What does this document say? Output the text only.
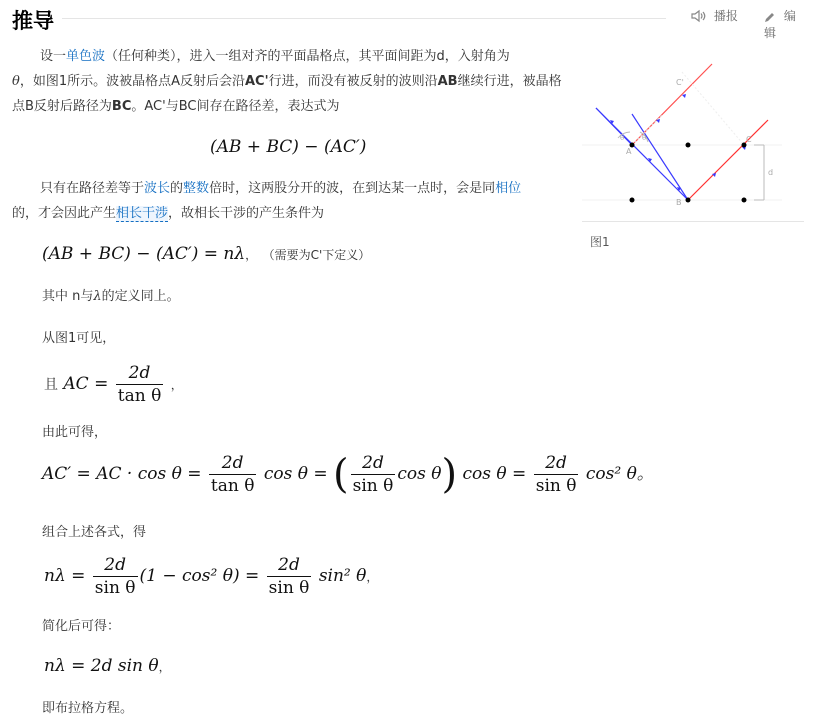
推导	播报	编辑
设一单色波（任何种类），进入一组对齐的平面晶格点，其平面间距为d，入射角为
θ，如图1所示。波被晶格点A反射后会沿AC'行进，而没有被反射的波则沿AB继续行进，被晶格点B反射后路径为BC。AC'与BC间存在路径差，表达式为
(AB + BC) − (AC′)
只有在路径差等于波长的整数倍时，这两股分开的波，在到达某一点时，会是同相位
的，才会因此产生相长干涉，故相长干涉的产生条件为
(AB + BC) − (AC′) = nλ， （需要为C'下定义）
其中 n与λ的定义同上。
从图1可见，
且 AC = $\frac{2d}{\text{tan θ}}$ ，
由此可得，
AC′ = AC · $\cos \theta = \frac{2d}{\text{tan θ}}$ cos θ = ( $\frac{2d}{\text{sin θ}}$ cos θ) $\cos \theta = \frac{2d}{\text{sin θ}} \cos^2$ θ。
组合上述各式，得
$n\lambda = \frac{2d}{\text{sin θ}} (1 - \cos^2$ $\theta) = \frac{2d}{\text{sin θ}} \sin^2$ θ，
简化后可得：
nλ = 2d sin θ，
即布拉格方程。
C'
A
B
C
d
θ	θ
图1
